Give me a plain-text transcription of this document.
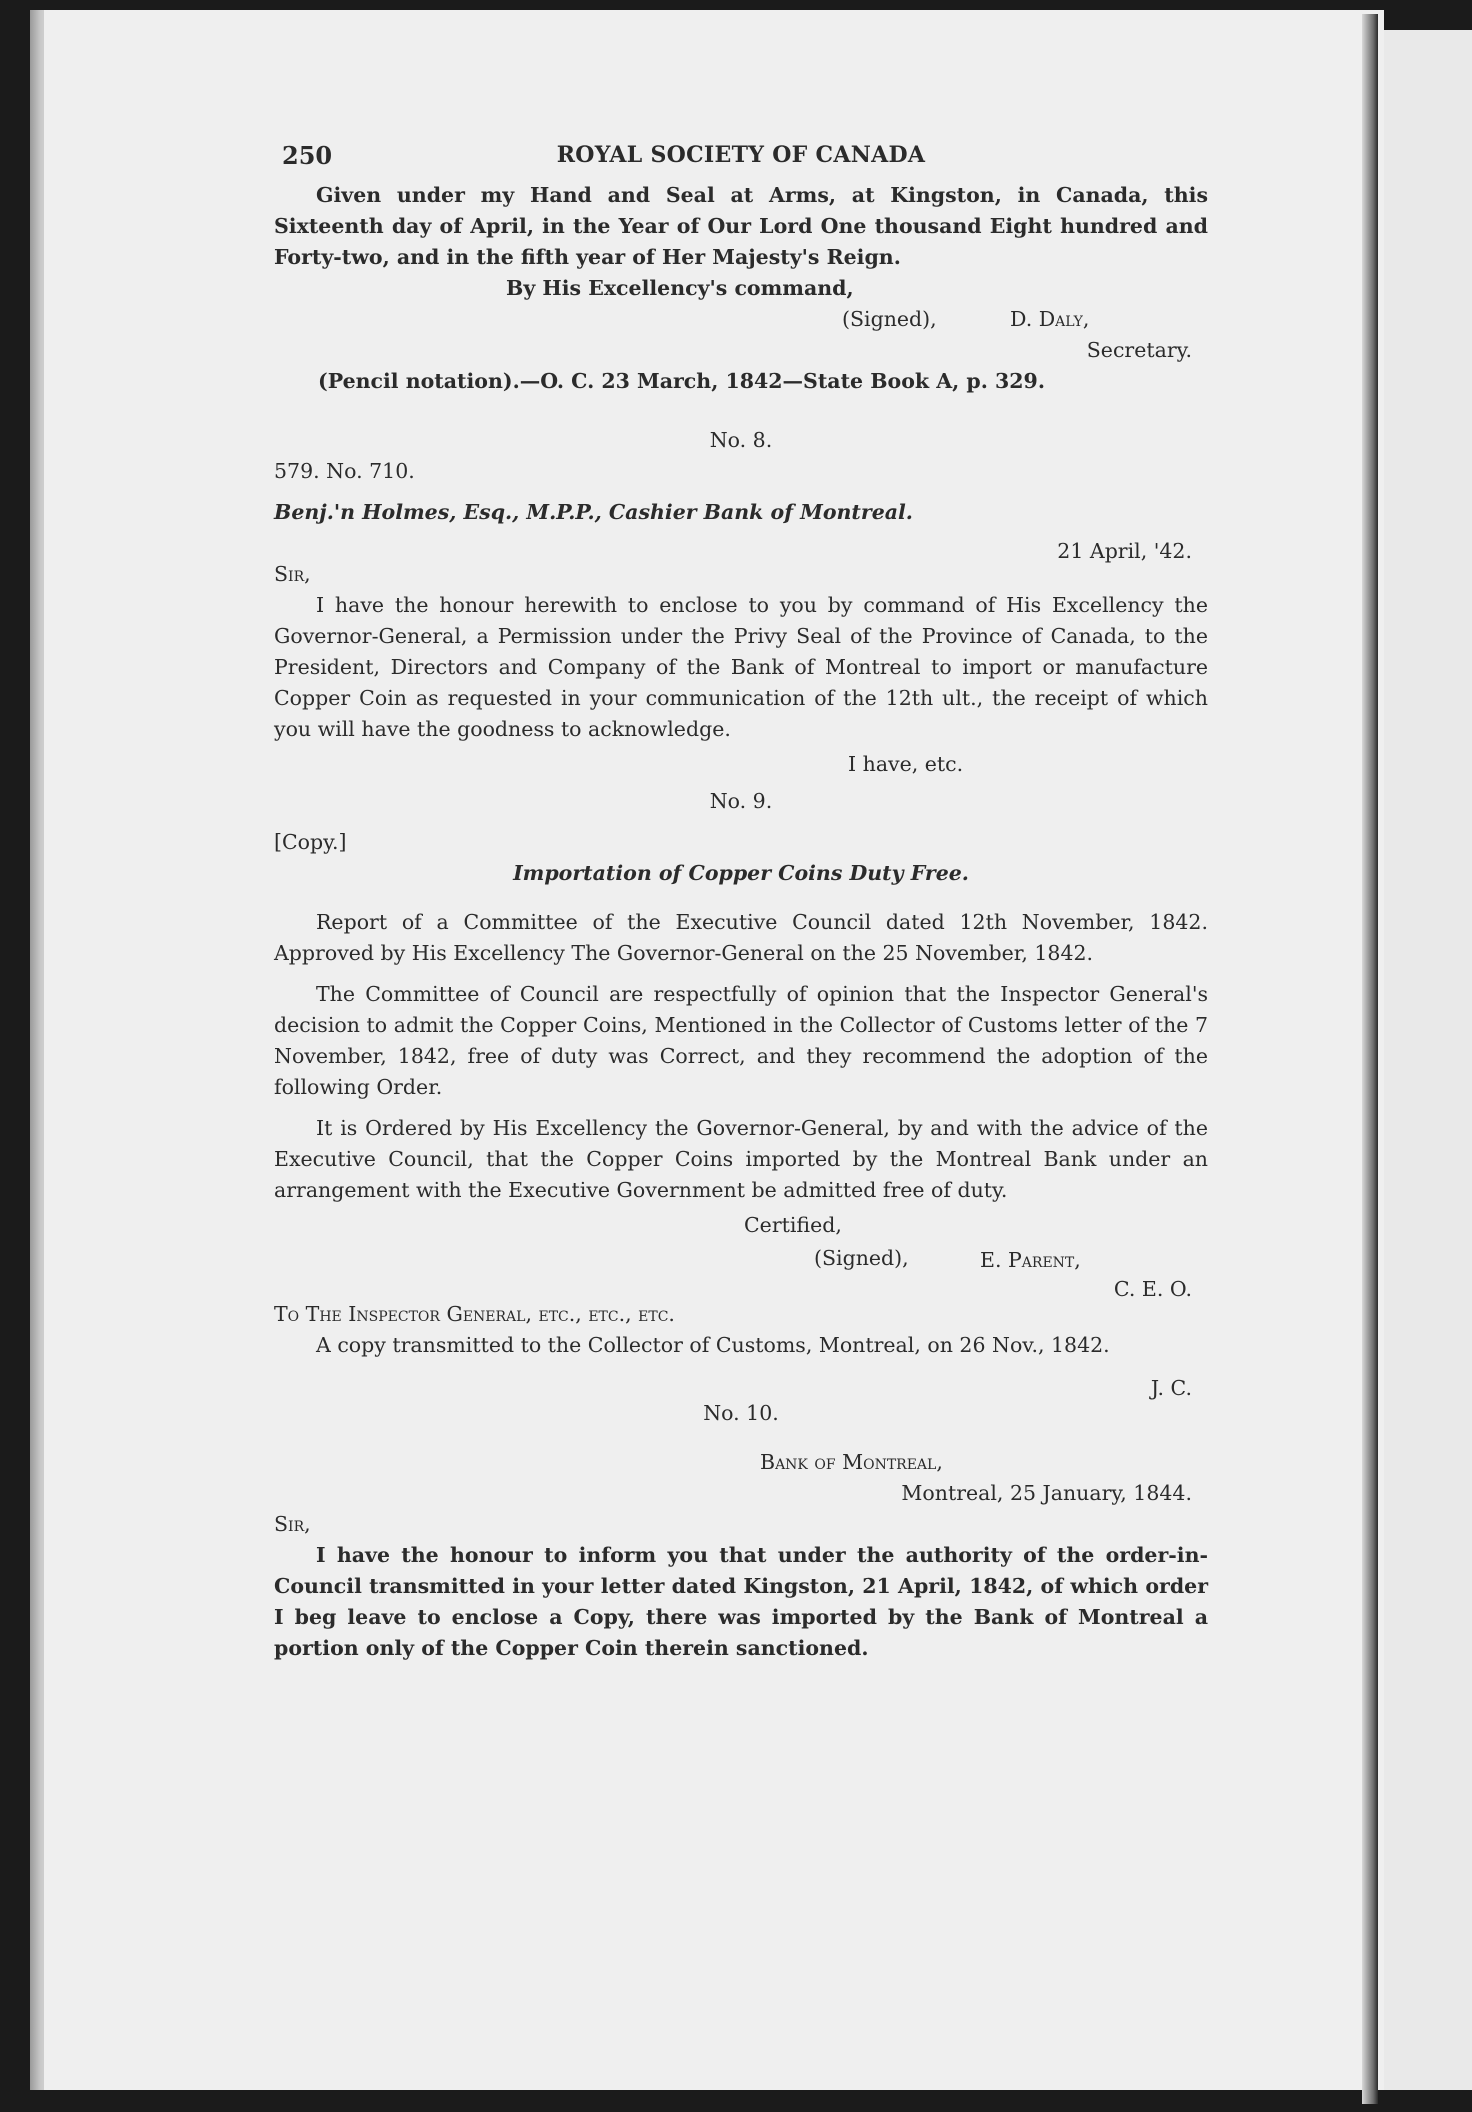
250	ROYAL SOCIETY OF CANADA

Given under my Hand and Seal at Arms, at Kingston, in Canada, this Sixteenth day of April, in the Year of Our Lord One thousand Eight hundred and Forty-two, and in the fifth year of Her Majesty's Reign.

By His Excellency's command,
(Signed),	D. Daly,
Secretary.
(Pencil notation).—O. C. 23 March, 1842—State Book A, p. 329.
No. 8.
579. No. 710.
Benj.'n Holmes, Esq., M.P.P., Cashier Bank of Montreal.
21 April, '42.
Sir,

I have the honour herewith to enclose to you by command of His Excellency the Governor-General, a Permission under the Privy Seal of the Province of Canada, to the President, Directors and Company of the Bank of Montreal to import or manufacture Copper Coin as requested in your communication of the 12th ult., the receipt of which you will have the goodness to acknowledge.

I have, etc.
No. 9.
[Copy.]
Importation of Copper Coins Duty Free.

Report of a Committee of the Executive Council dated 12th November, 1842. Approved by His Excellency The Governor-General on the 25 November, 1842.

The Committee of Council are respectfully of opinion that the Inspector General's decision to admit the Copper Coins, Mentioned in the Collector of Customs letter of the 7 November, 1842, free of duty was Correct, and they recommend the adoption of the following Order.

It is Ordered by His Excellency the Governor-General, by and with the advice of the Executive Council, that the Copper Coins imported by the Montreal Bank under an arrangement with the Executive Government be admitted free of duty.

Certified,
(Signed),	E. Parent,
C. E. O.
To The Inspector General, etc., etc., etc.

A copy transmitted to the Collector of Customs, Montreal, on 26 Nov., 1842.

J. C.
No. 10.
Bank of Montreal,
Montreal, 25 January, 1844.
Sir,

I have the honour to inform you that under the authority of the order-in-Council transmitted in your letter dated Kingston, 21 April, 1842, of which order I beg leave to enclose a Copy, there was imported by the Bank of Montreal a portion only of the Copper Coin therein sanctioned.
